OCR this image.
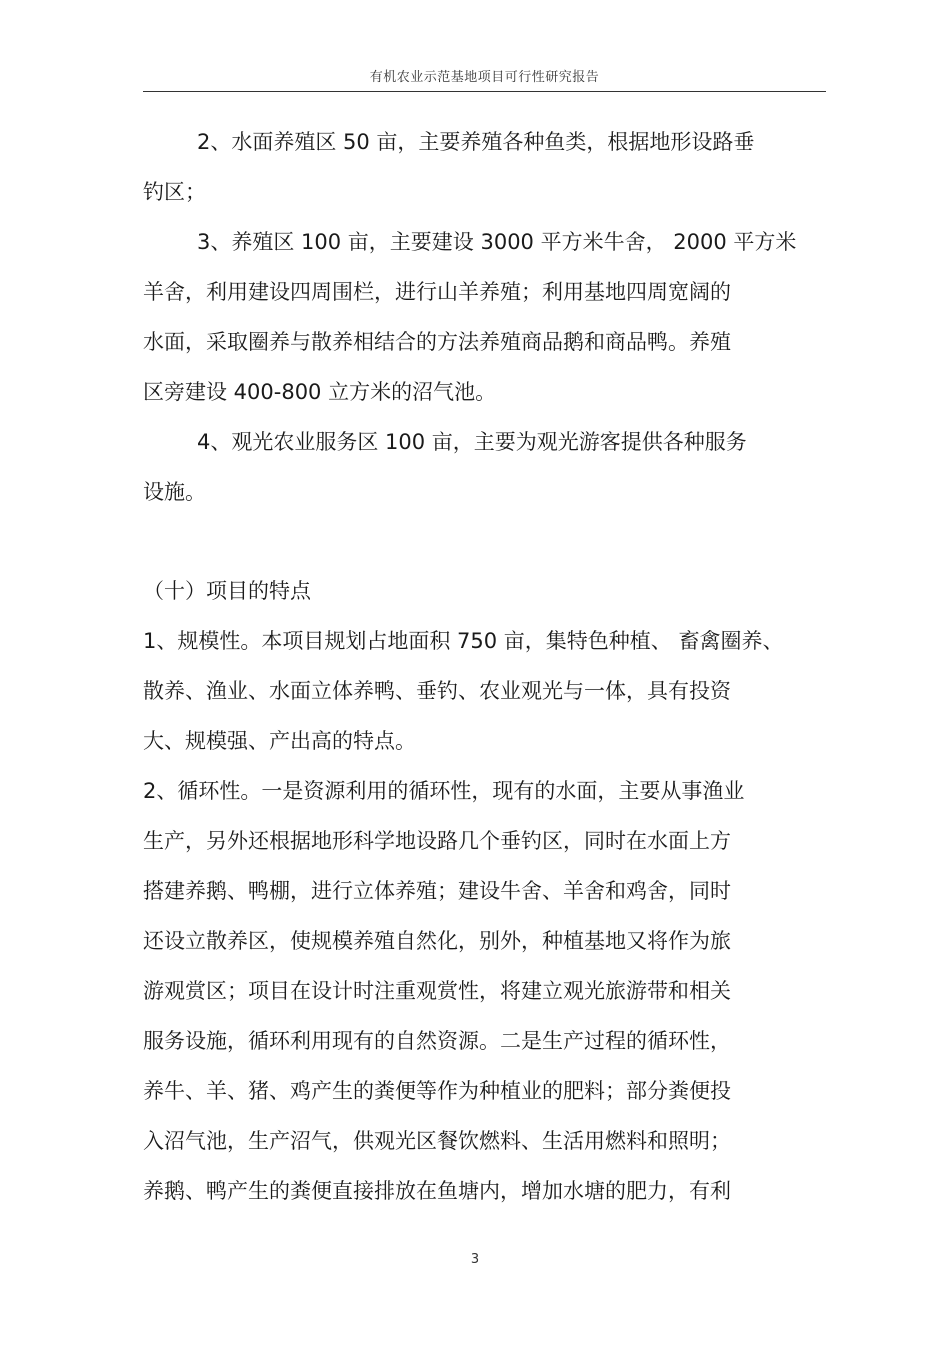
有机农业示范基地项目可行性研究报告
2、水面养殖区 50 亩，主要养殖各种鱼类，根据地形设路垂
钓区；
3、养殖区 100 亩，主要建设 3000 平方米牛舍， 2000 平方米
羊舍，利用建设四周围栏，进行山羊养殖；利用基地四周宽阔的
水面，采取圈养与散养相结合的方法养殖商品鹅和商品鸭。养殖
区旁建设 400-800 立方米的沼气池。
4、观光农业服务区 100 亩，主要为观光游客提供各种服务
设施。
（十）项目的特点
1、规模性。本项目规划占地面积 750 亩，集特色种植、 畜禽圈养、
散养、渔业、水面立体养鸭、垂钓、农业观光与一体，具有投资
大、规模强、产出高的特点。
2、循环性。一是资源利用的循环性，现有的水面，主要从事渔业
生产，另外还根据地形科学地设路几个垂钓区，同时在水面上方
搭建养鹅、鸭棚，进行立体养殖；建设牛舍、羊舍和鸡舍，同时
还设立散养区，使规模养殖自然化，别外，种植基地又将作为旅
游观赏区；项目在设计时注重观赏性，将建立观光旅游带和相关
服务设施，循环利用现有的自然资源。二是生产过程的循环性，
养牛、羊、猪、鸡产生的粪便等作为种植业的肥料；部分粪便投
入沼气池，生产沼气，供观光区餐饮燃料、生活用燃料和照明；
养鹅、鸭产生的粪便直接排放在鱼塘内，增加水塘的肥力，有利
3
